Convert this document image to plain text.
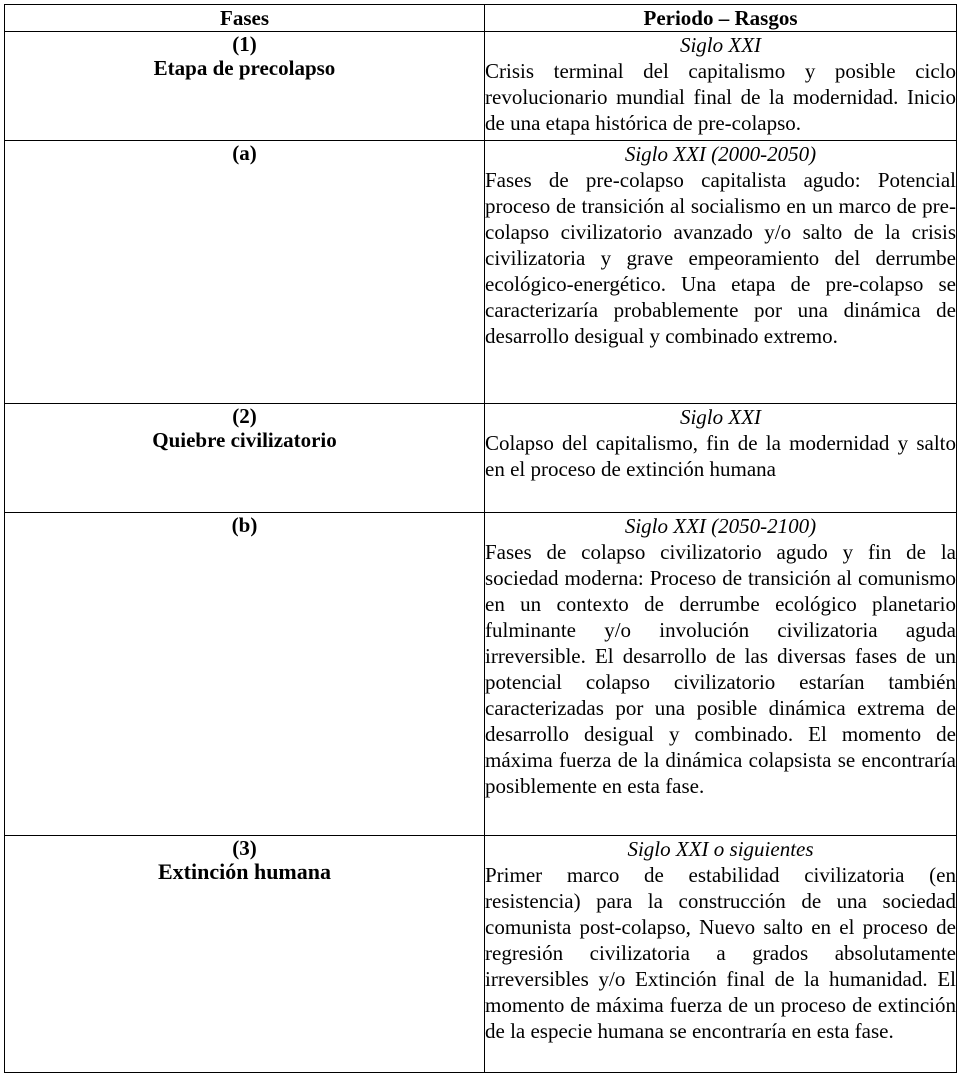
Fases	Periodo – Rasgos

(1)
Etapa de precolapso	Siglo XXI
Crisis terminal del capitalismo y posible ciclo revolucionario mundial final de la modernidad. Inicio de una etapa histórica de pre-colapso.

(a)	Siglo XXI (2000-2050)
Fases de pre-colapso capitalista agudo: Potencial proceso de transición al socialismo en un marco de pre-colapso civilizatorio avanzado y/o salto de la crisis civilizatoria y grave empeoramiento del derrumbe ecológico-energético. Una etapa de pre-colapso se caracterizaría probablemente por una dinámica de desarrollo desigual y combinado extremo.

(2)
Quiebre civilizatorio	Siglo XXI
Colapso del capitalismo, fin de la modernidad y salto en el proceso de extinción humana

(b)	Siglo XXI (2050-2100)
Fases de colapso civilizatorio agudo y fin de la sociedad moderna: Proceso de transición al comunismo en un contexto de derrumbe ecológico planetario fulminante y/o involución civilizatoria aguda irreversible. El desarrollo de las diversas fases de un potencial colapso civilizatorio estarían también caracterizadas por una posible dinámica extrema de desarrollo desigual y combinado. El momento de máxima fuerza de la dinámica colapsista se encontraría posiblemente en esta fase.

(3)
Extinción humana	Siglo XXI o siguientes
Primer marco de estabilidad civilizatoria (en resistencia) para la construcción de una sociedad comunista post-colapso, Nuevo salto en el proceso de regresión civilizatoria a grados absolutamente irreversibles y/o Extinción final de la humanidad. El momento de máxima fuerza de un proceso de extinción de la especie humana se encontraría en esta fase.
